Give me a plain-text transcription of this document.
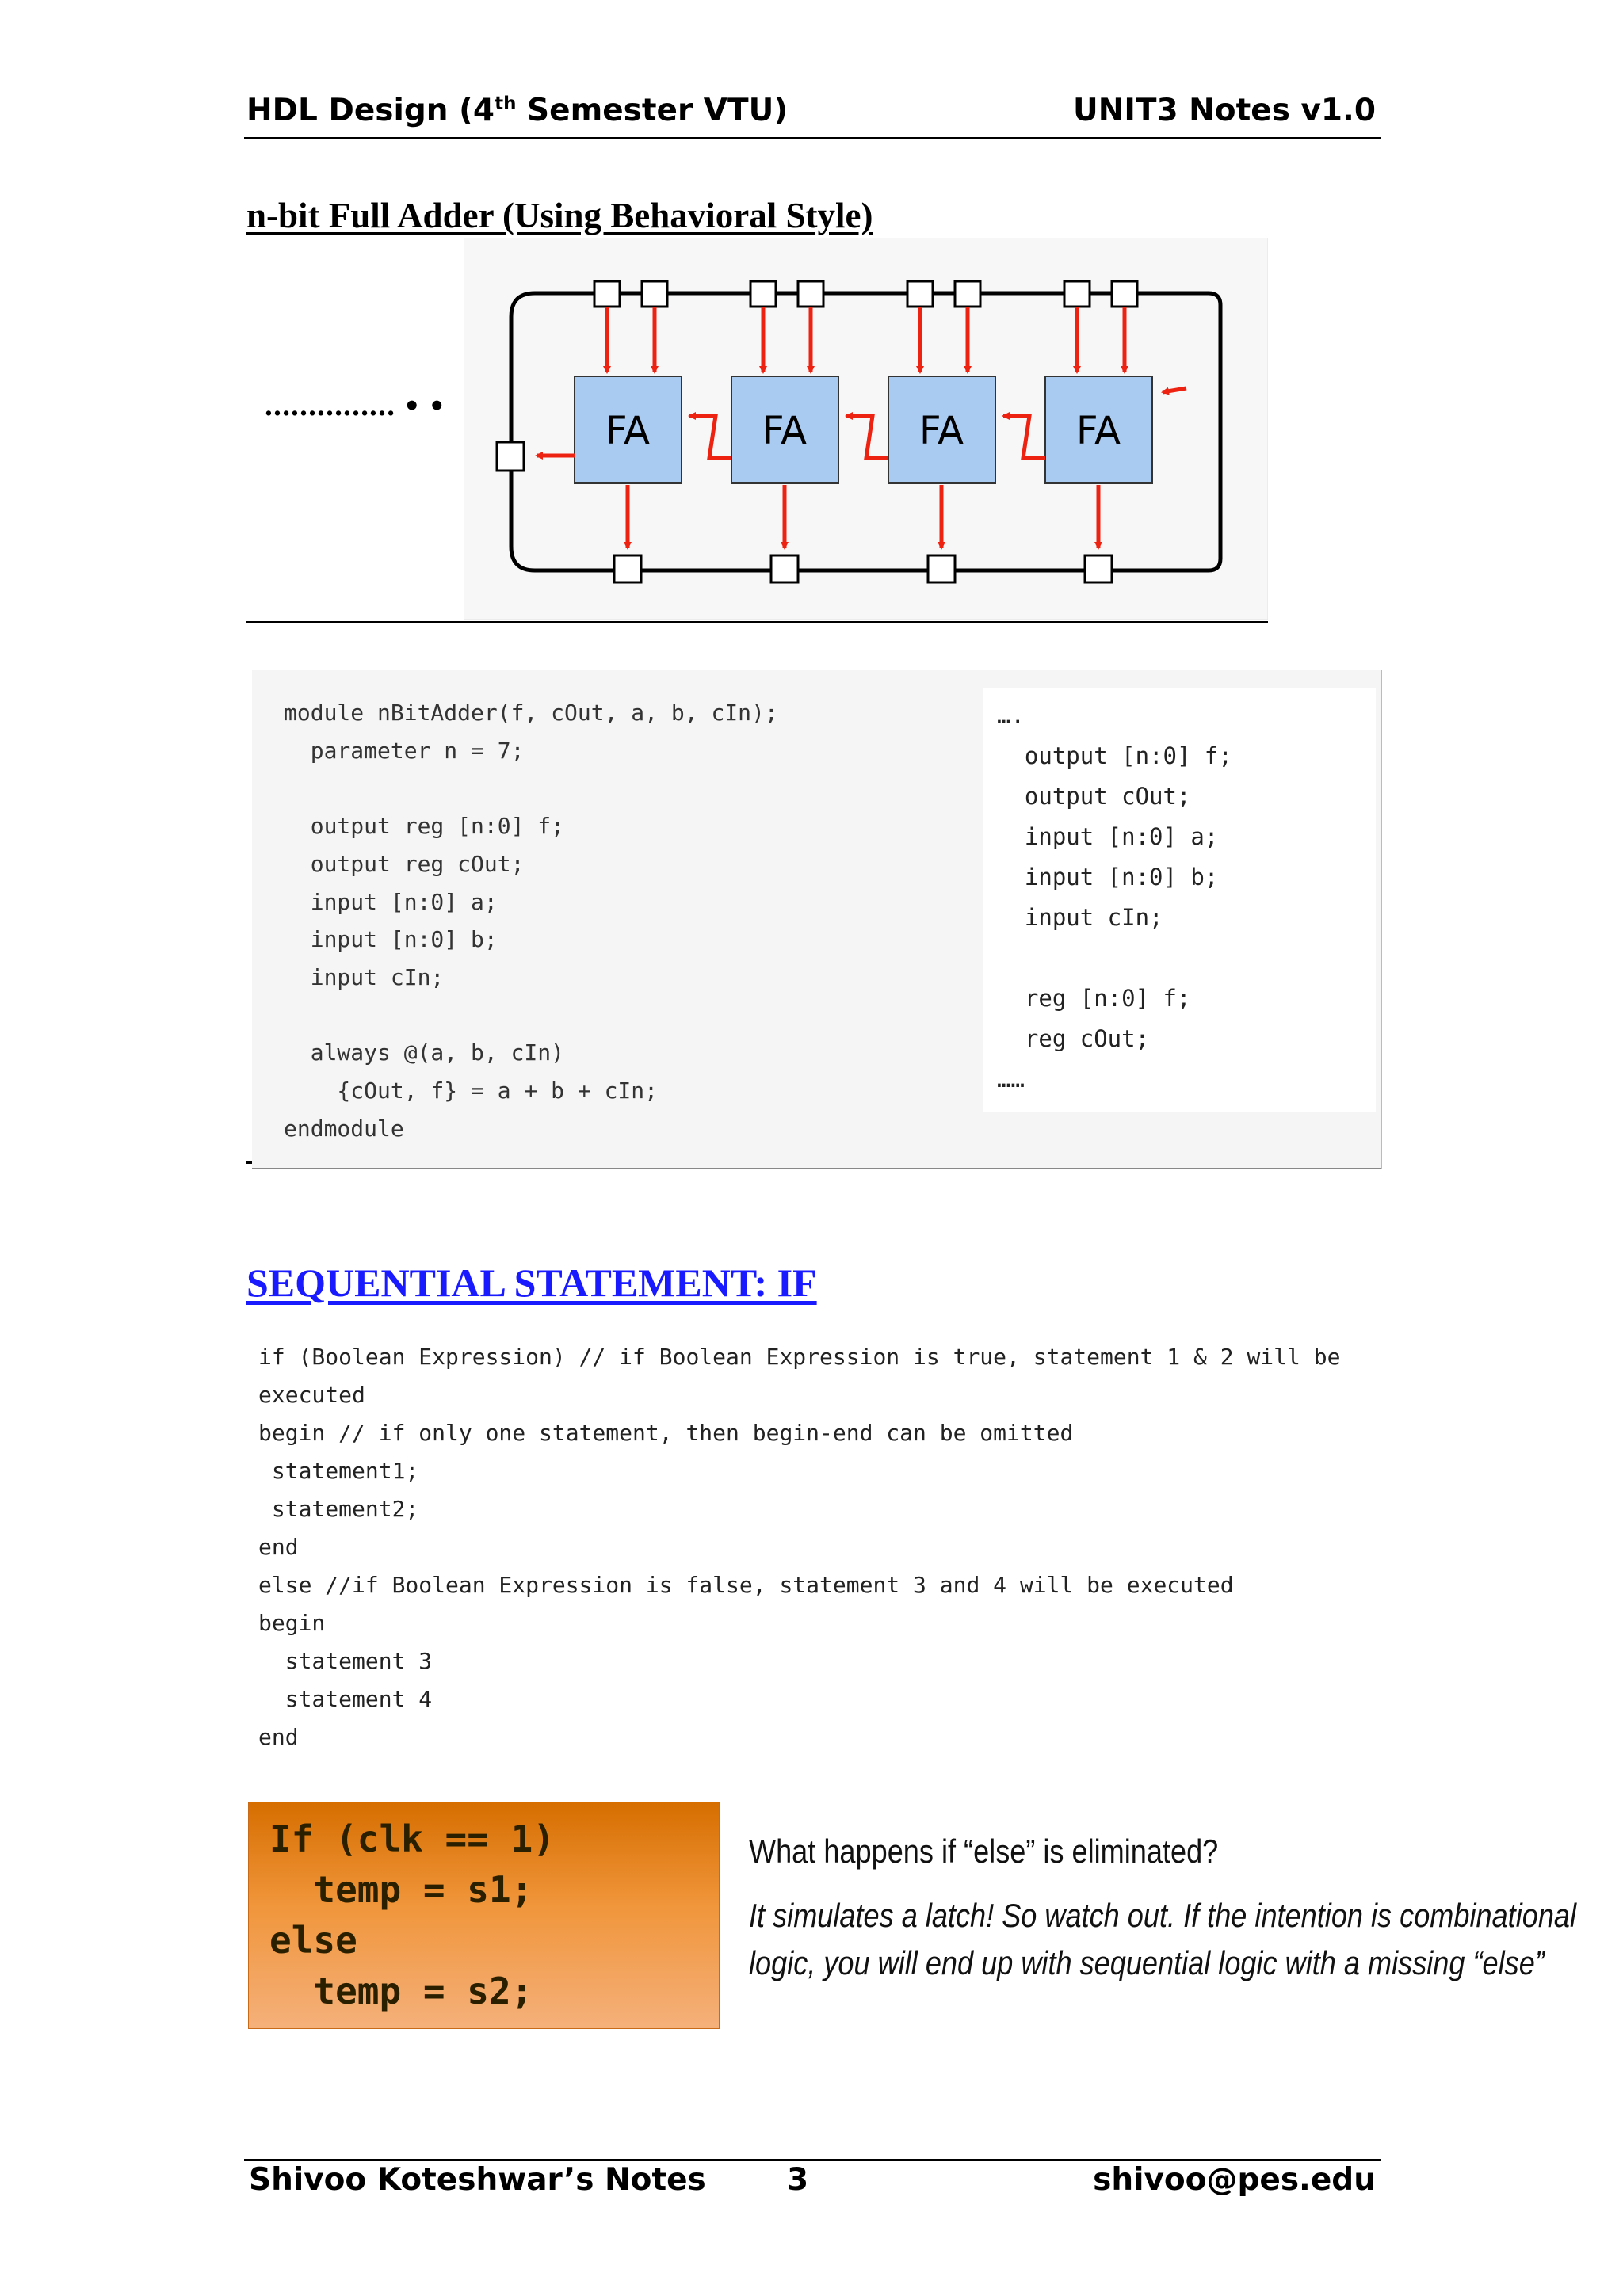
HDL Design (4th Semester VTU)	UNIT3 Notes v1.0
n-bit Full Adder (Using Behavioral Style)
FA	FA	FA	FA
…………… • •
module nBitAdder(f, cOut, a, b, cIn);
parameter n = 7;

output reg [n:0] f;
output reg cOut;
input [n:0] a;
input [n:0] b;
input cIn;

always @(a, b, cIn)
{cOut, f} = a + b + cIn;
endmodule
….
output [n:0] f;
output cOut;
input [n:0] a;
input [n:0] b;
input cIn;

reg [n:0] f;
reg cOut;
……
SEQUENTIAL STATEMENT: IF
if (Boolean Expression) // if Boolean Expression is true, statement 1 & 2 will be
executed
begin // if only one statement, then begin-end can be omitted
statement1;
statement2;
end
else //if Boolean Expression is false, statement 3 and 4 will be executed
begin
statement 3
statement 4
end
If (clk == 1)
temp = s1;
else
temp = s2;
What happens if “else” is eliminated?
It simulates a latch! So watch out. If the intention is combinational logic, you will end up with sequential logic with a missing “else”
Shivoo Koteshwar’s Notes	3	shivoo@pes.edu
